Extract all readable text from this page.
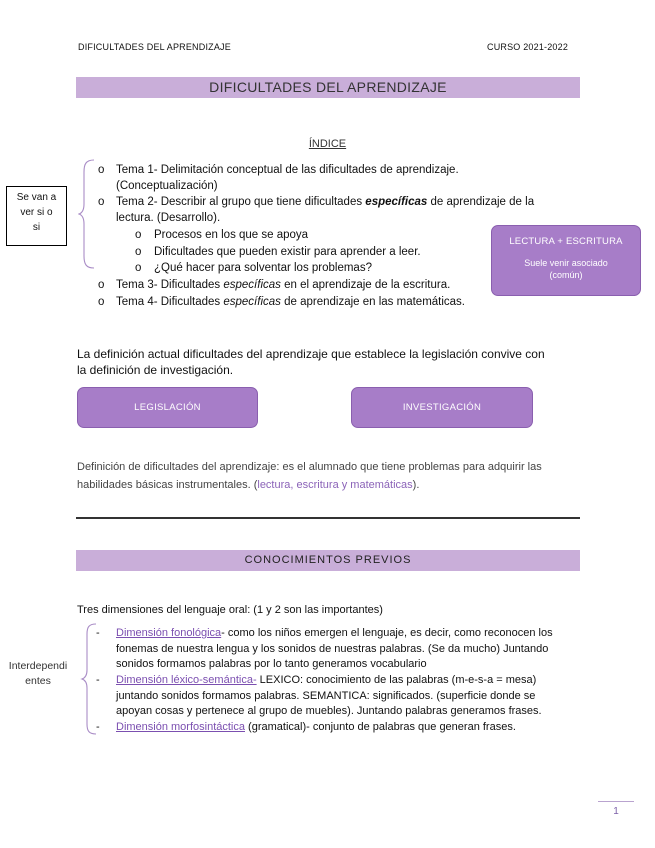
DIFICULTADES DEL APRENDIZAJE	CURSO 2021-2022
DIFICULTADES DEL APRENDIZAJE
ÍNDICE
Se van a
ver si o
si
o Tema 1- Delimitación conceptual de las dificultades de aprendizaje.
(Conceptualización)
o Tema 2- Describir al grupo que tiene dificultades específicas de aprendizaje de la
lectura. (Desarrollo).
o Procesos en los que se apoya
o Dificultades que pueden existir para aprender a leer.
o ¿Qué hacer para solventar los problemas?
o Tema 3- Dificultades específicas en el aprendizaje de la escritura.
o Tema 4- Dificultades específicas de aprendizaje en las matemáticas.
LECTURA + ESCRITURA
Suele venir asociado
(común)
La definición actual dificultades del aprendizaje que establece la legislación convive con
la definición de investigación.
LEGISLACIÓN	INVESTIGACIÓN
Definición de dificultades del aprendizaje: es el alumnado que tiene problemas para adquirir las
habilidades básicas instrumentales. (lectura, escritura y matemáticas).
CONOCIMIENTOS PREVIOS
Tres dimensiones del lenguaje oral: (1 y 2 son las importantes)
Interdependi
entes
- Dimensión fonológica- como los niños emergen el lenguaje, es decir, como reconocen los
fonemas de nuestra lengua y los sonidos de nuestras palabras. (Se da mucho) Juntando
sonidos formamos palabras por lo tanto generamos vocabulario
- Dimensión léxico-semántica- LEXICO: conocimiento de las palabras (m-e-s-a = mesa)
juntando sonidos formamos palabras. SEMANTICA: significados. (superficie donde se
apoyan cosas y pertenece al grupo de muebles). Juntando palabras generamos frases.
- Dimensión morfosintáctica (gramatical)- conjunto de palabras que generan frases.
1
